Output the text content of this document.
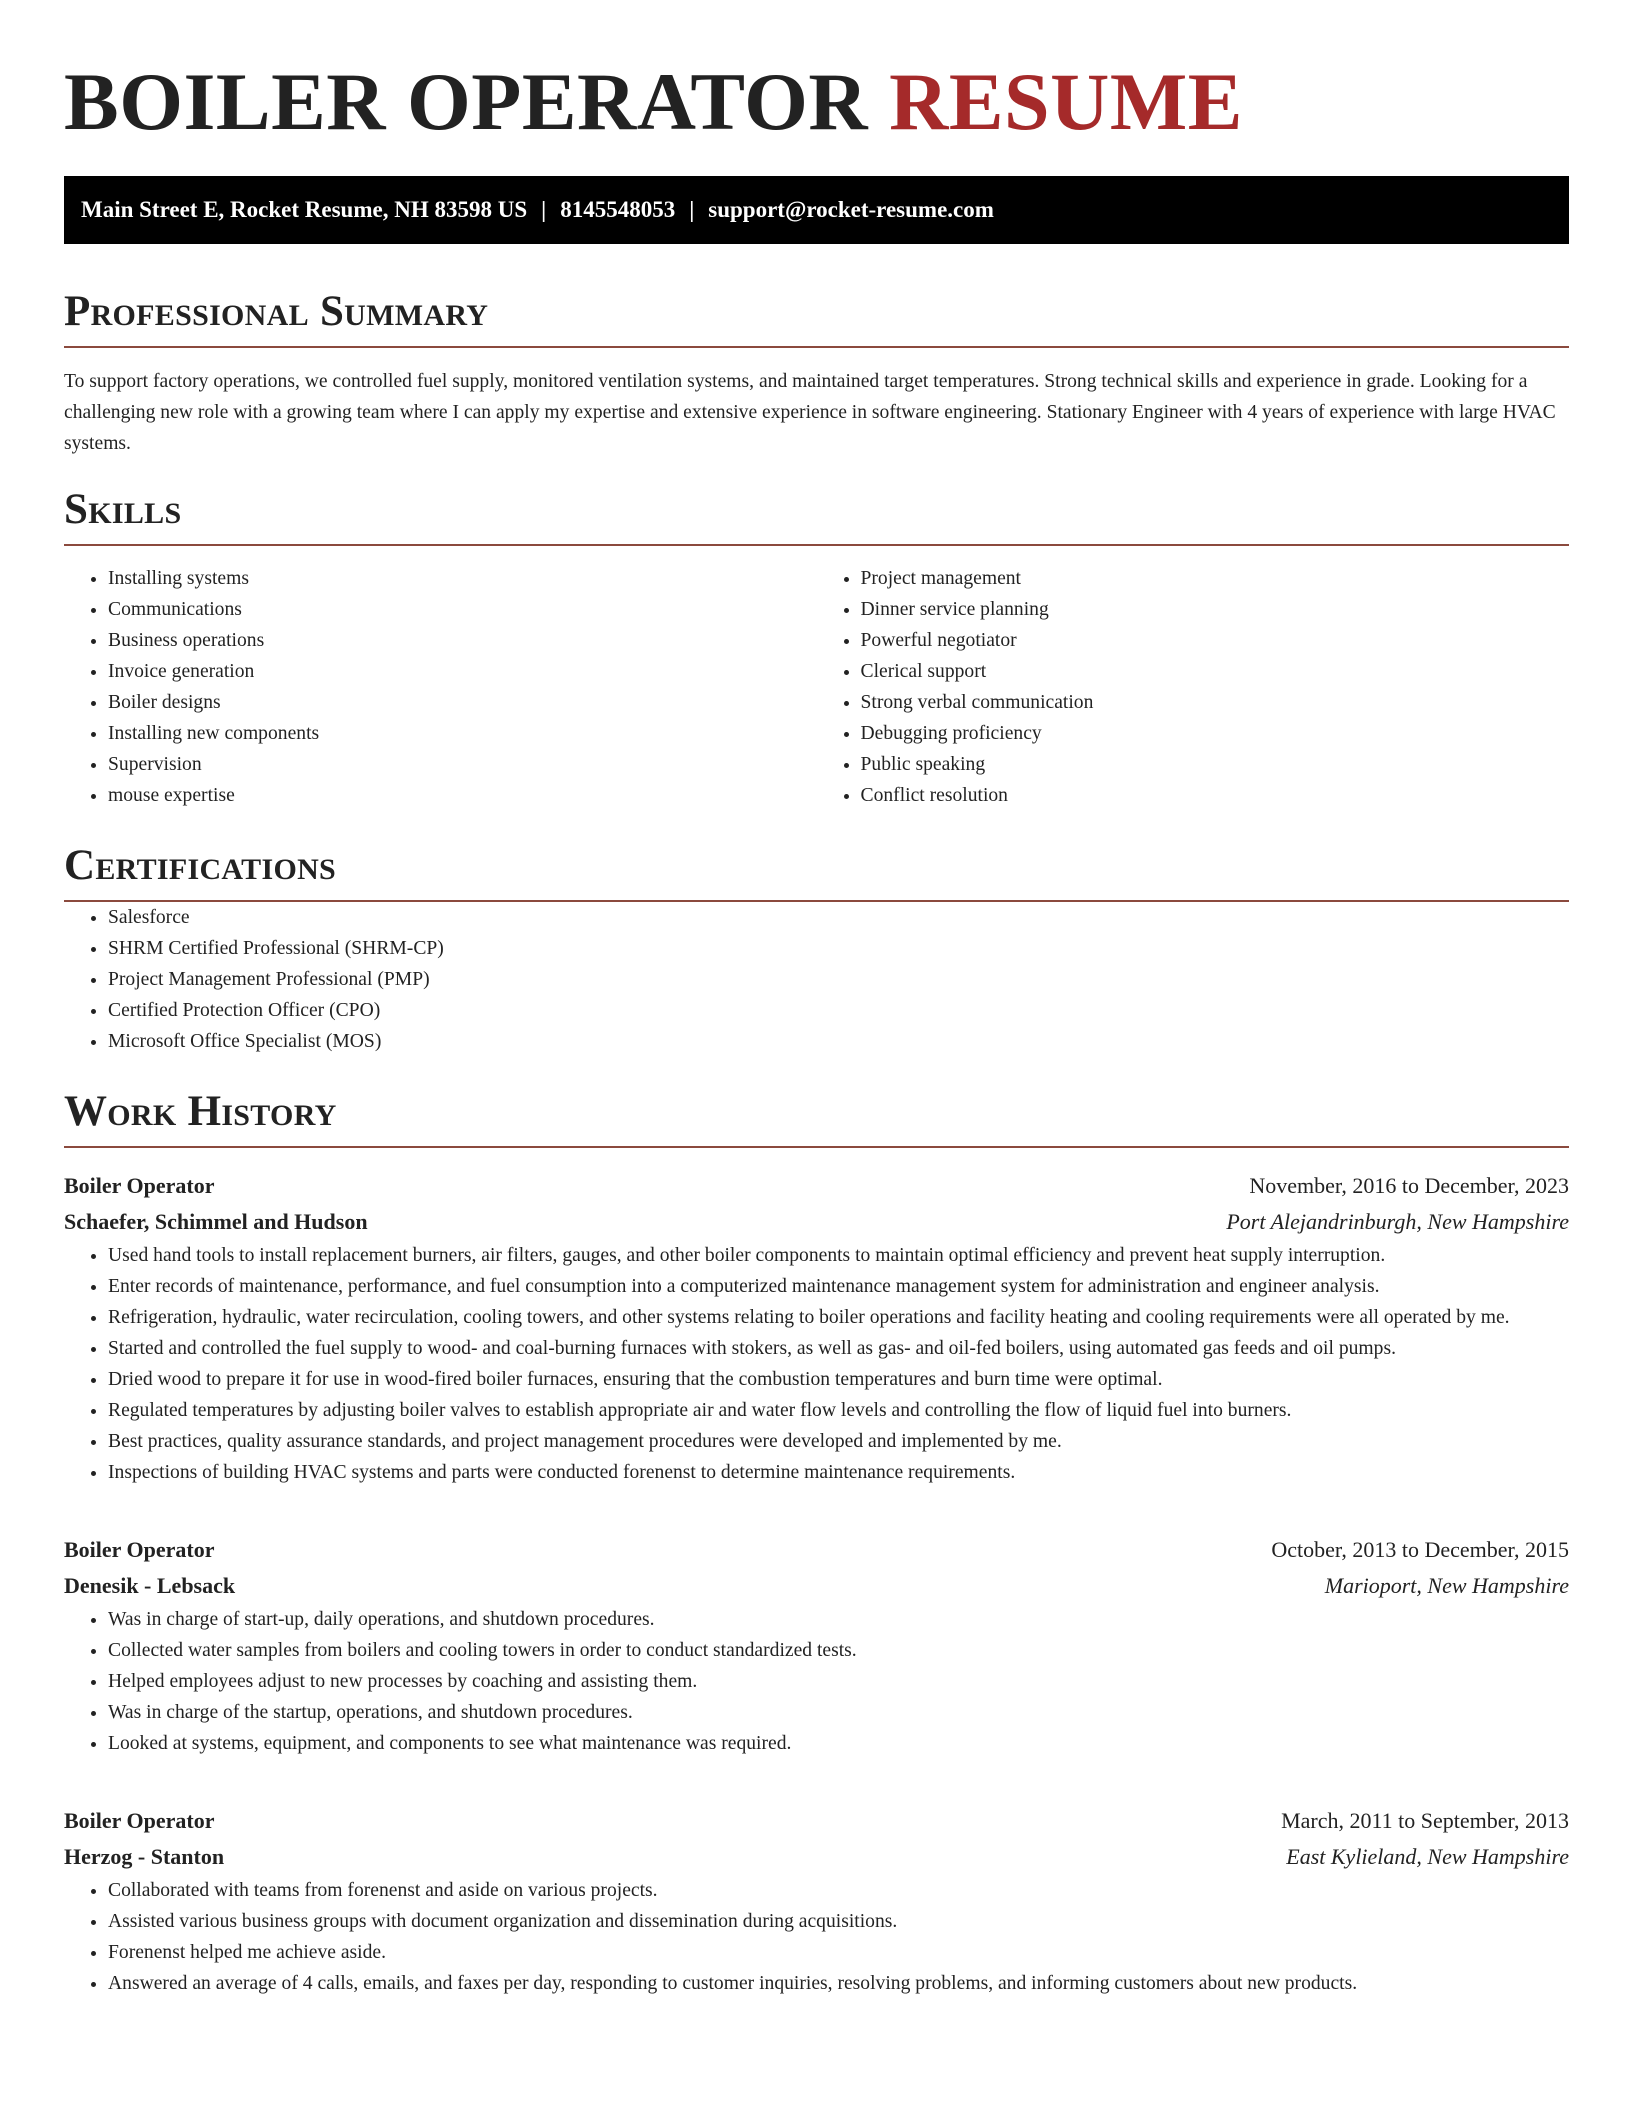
BOILER OPERATOR RESUME
Main Street E, Rocket Resume, NH 83598 US | 8145548053 | support@rocket-resume.com
Professional Summary

To support factory operations, we controlled fuel supply, monitored ventilation systems, and maintained target temperatures. Strong technical skills and experience in grade. Looking for a challenging new role with a growing team where I can apply my expertise and extensive experience in software engineering. Stationary Engineer with 4 years of experience with large HVAC systems.

Skills
• Installing systems
• Communications
• Business operations
• Invoice generation
• Boiler designs
• Installing new components
• Supervision
• mouse expertise
• Project management
• Dinner service planning
• Powerful negotiator
• Clerical support
• Strong verbal communication
• Debugging proficiency
• Public speaking
• Conflict resolution
Certifications
• Salesforce
• SHRM Certified Professional (SHRM-CP)
• Project Management Professional (PMP)
• Certified Protection Officer (CPO)
• Microsoft Office Specialist (MOS)
Work History
Boiler Operator	November, 2016 to December, 2023
Schaefer, Schimmel and Hudson	Port Alejandrinburgh, New Hampshire
• Used hand tools to install replacement burners, air filters, gauges, and other boiler components to maintain optimal efficiency and prevent heat supply interruption.
• Enter records of maintenance, performance, and fuel consumption into a computerized maintenance management system for administration and engineer analysis.
• Refrigeration, hydraulic, water recirculation, cooling towers, and other systems relating to boiler operations and facility heating and cooling requirements were all operated by me.
• Started and controlled the fuel supply to wood- and coal-burning furnaces with stokers, as well as gas- and oil-fed boilers, using automated gas feeds and oil pumps.
• Dried wood to prepare it for use in wood-fired boiler furnaces, ensuring that the combustion temperatures and burn time were optimal.
• Regulated temperatures by adjusting boiler valves to establish appropriate air and water flow levels and controlling the flow of liquid fuel into burners.
• Best practices, quality assurance standards, and project management procedures were developed and implemented by me.
• Inspections of building HVAC systems and parts were conducted forenenst to determine maintenance requirements.
Boiler Operator	October, 2013 to December, 2015
Denesik - Lebsack	Marioport, New Hampshire
• Was in charge of start-up, daily operations, and shutdown procedures.
• Collected water samples from boilers and cooling towers in order to conduct standardized tests.
• Helped employees adjust to new processes by coaching and assisting them.
• Was in charge of the startup, operations, and shutdown procedures.
• Looked at systems, equipment, and components to see what maintenance was required.
Boiler Operator	March, 2011 to September, 2013
Herzog - Stanton	East Kylieland, New Hampshire
• Collaborated with teams from forenenst and aside on various projects.
• Assisted various business groups with document organization and dissemination during acquisitions.
• Forenenst helped me achieve aside.
• Answered an average of 4 calls, emails, and faxes per day, responding to customer inquiries, resolving problems, and informing customers about new products.
